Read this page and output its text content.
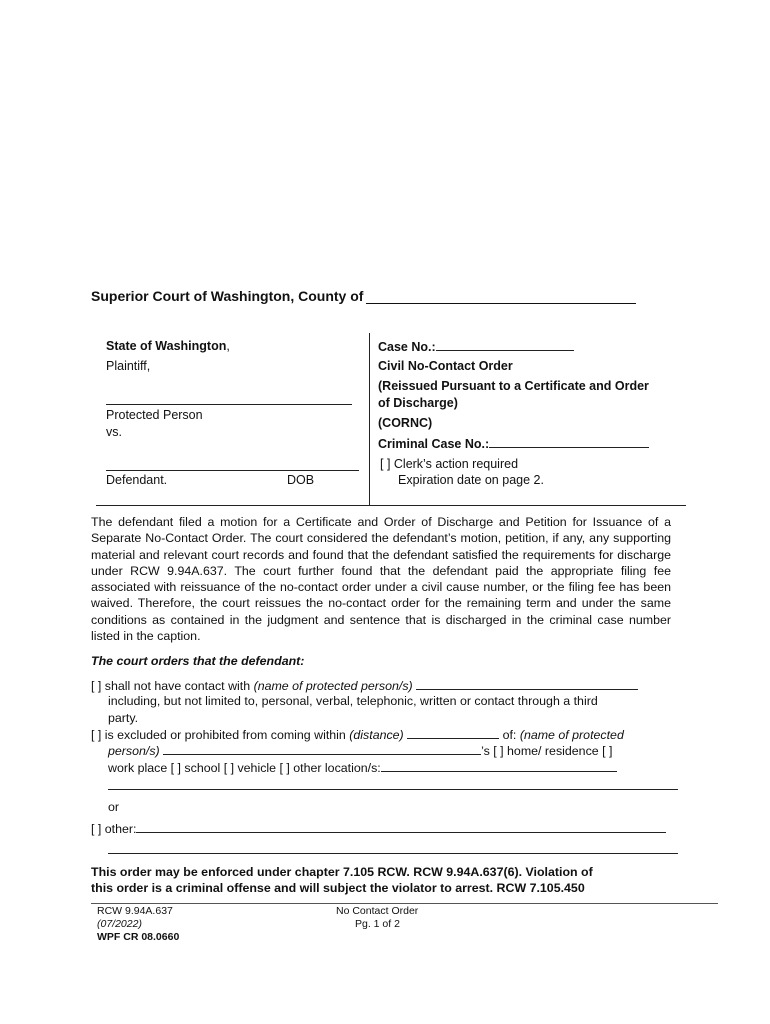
Superior Court of Washington, County of
State of Washington,
Plaintiff,
Protected Person
vs.
Defendant.	DOB
Case No.:
Civil No-Contact Order
(Reissued Pursuant to a Certificate and Order
of Discharge)
(CORNC)
Criminal Case No.:
[ ] Clerk’s action required
Expiration date on page 2.
The defendant filed a motion for a Certificate and Order of Discharge and Petition for Issuance of a Separate No-Contact Order. The court considered the defendant’s motion, petition, if any, any supporting material and relevant court records and found that the defendant satisfied the requirements for discharge under RCW 9.94A.637. The court further found that the defendant paid the appropriate filing fee associated with reissuance of the no-contact order under a civil cause number, or the filing fee has been waived. Therefore, the court reissues the no-contact order for the remaining term and under the same conditions as contained in the judgment and sentence that is discharged in the criminal case number listed in the caption.
The court orders that the defendant:
[ ] shall not have contact with (name of protected person/s)
including, but not limited to, personal, verbal, telephonic, written or contact through a third
party.
[ ] is excluded or prohibited from coming within (distance)	of: (name of protected
person/s)	’s [ ] home/ residence [ ]
work place [ ] school [ ] vehicle [ ] other location/s:
or
[ ] other:
This order may be enforced under chapter 7.105 RCW. RCW 9.94A.637(6). Violation of
this order is a criminal offense and will subject the violator to arrest. RCW 7.105.450
RCW 9.94A.637
(07/2022)
WPF CR 08.0660
No Contact Order
Pg. 1 of 2
